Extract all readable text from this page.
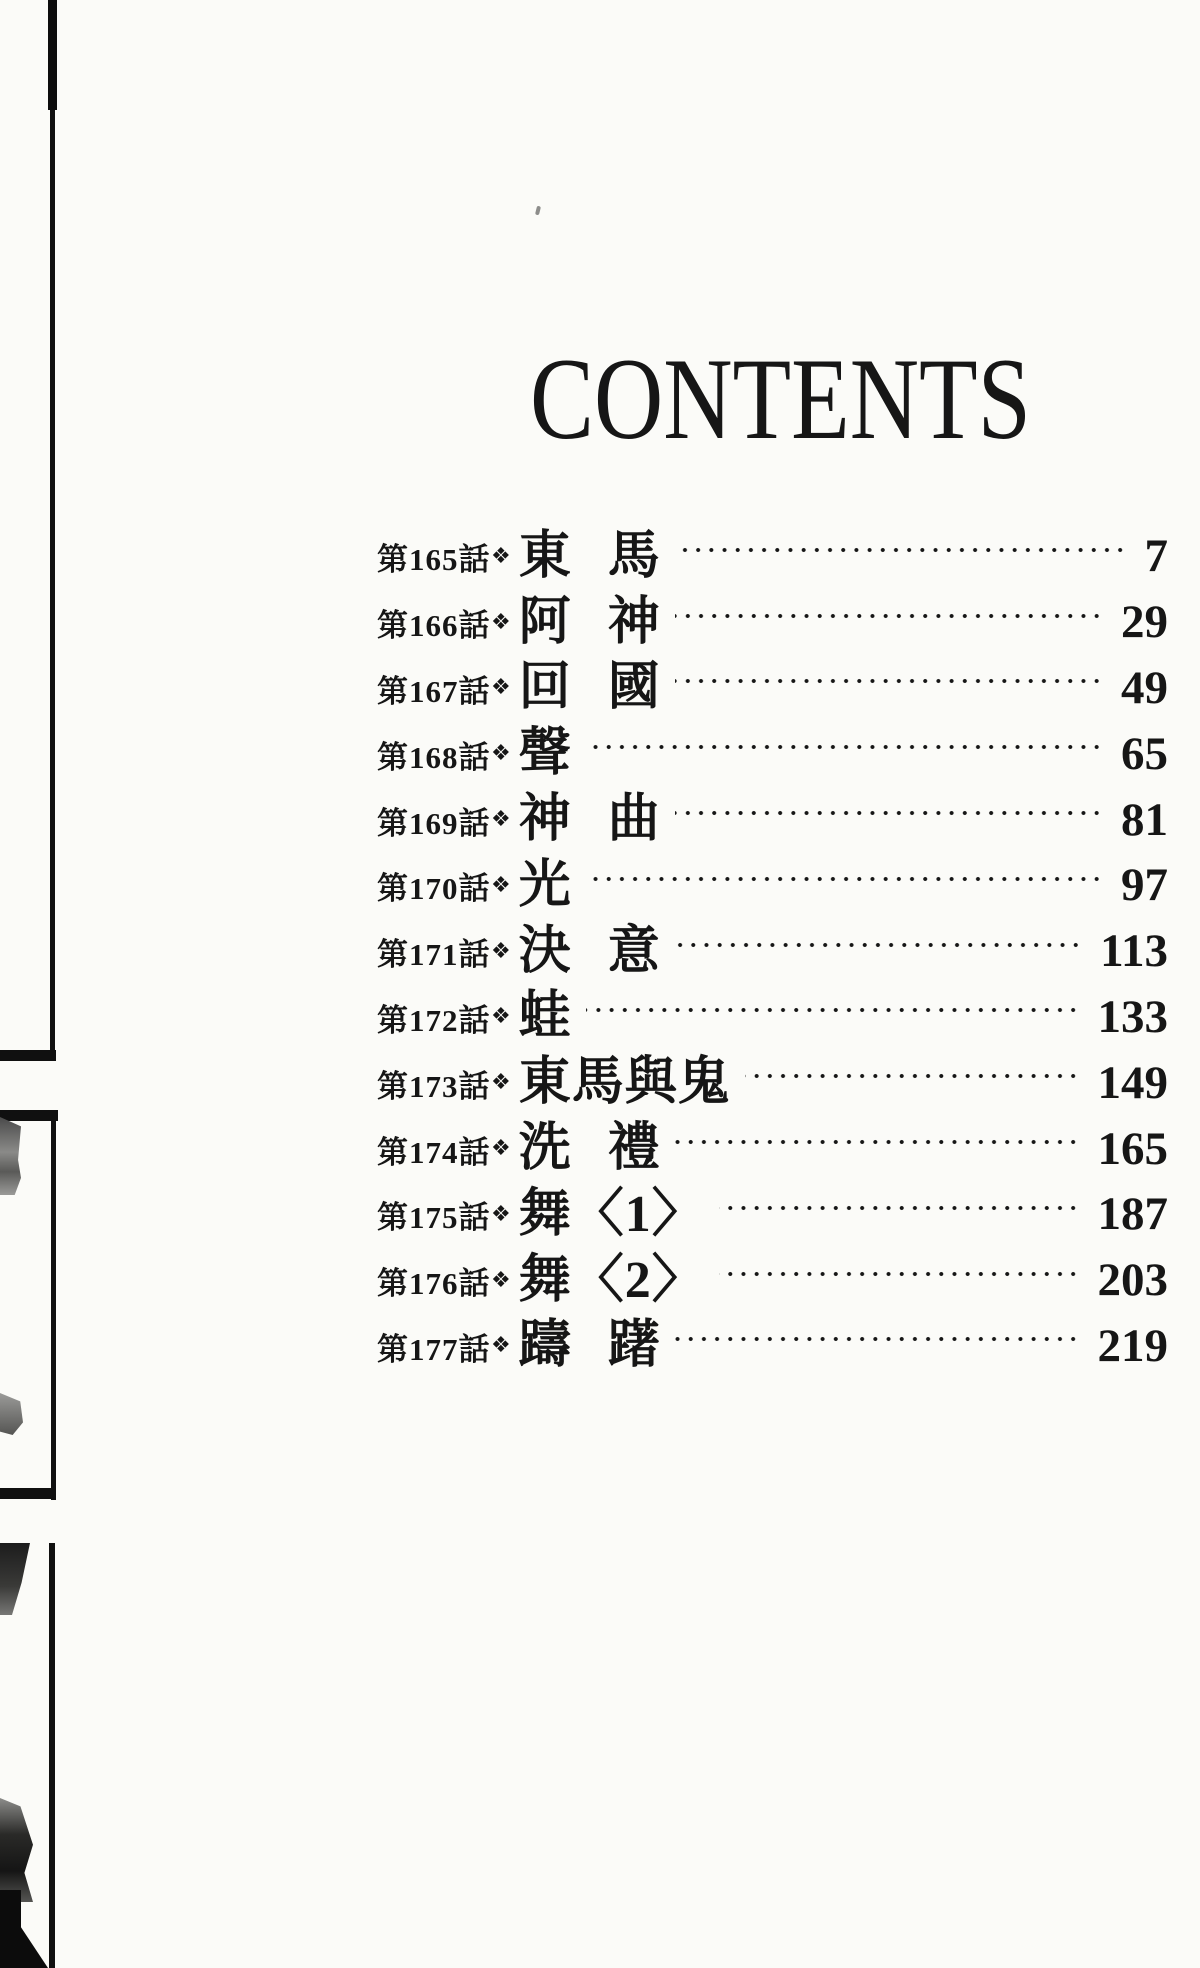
CONTENTS
第165話 ❖ 東 馬	7
第166話 ❖ 阿 神	29
第167話 ❖ 回 國	49
第168話 ❖ 聲	65
第169話 ❖ 神 曲	81
第170話 ❖ 光	97
第171話 ❖ 決 意	113
第172話 ❖ 蛙	133
第173話 ❖ 東馬與鬼	149
第174話 ❖ 洗 禮	165
第175話 ❖ 舞〈1〉	187
第176話 ❖ 舞〈2〉	203
第177話 ❖ 躊 躇	219
